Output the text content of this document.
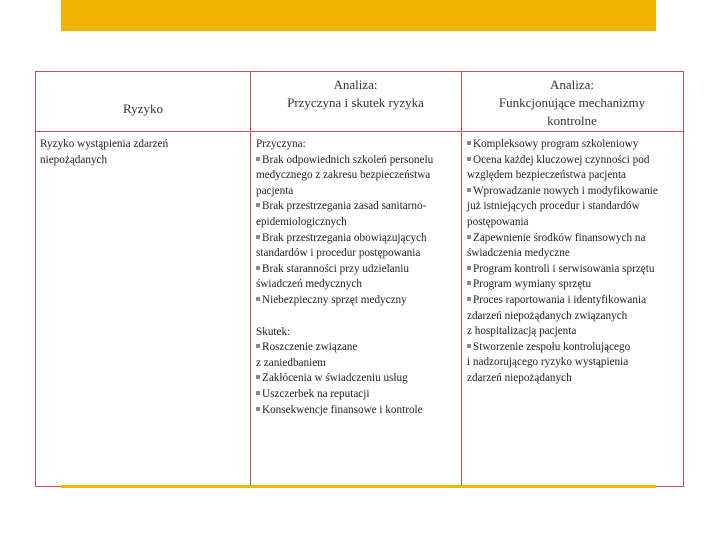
Ryzyko
Analiza:
Przyczyna i skutek ryzyka
Analiza:
Funkcjonujące mechanizmy
kontrolne
Ryzyko wystąpienia zdarzeń
niepożądanych
Przyczyna:
Brak odpowiednich szkoleń personelu
medycznego z zakresu bezpieczeństwa
pacjenta
Brak przestrzegania zasad sanitarno-
epidemiologicznych
Brak przestrzegania obowiązujących
standardów i procedur postępowania
Brak staranności przy udzielaniu
świadczeń medycznych
Niebezpieczny sprzęt medyczny
Skutek:
Roszczenie związane
z zaniedbaniem
Zakłócenia w świadczeniu usług
Uszczerbek na reputacji
Konsekwencje finansowe i kontrole
Kompleksowy program szkoleniowy
Ocena każdej kluczowej czynności pod
względem bezpieczeństwa pacjenta
Wprowadzanie nowych i modyfikowanie
już istniejących procedur i standardów
postępowania
Zapewnienie środków finansowych na
świadczenia medyczne
Program kontroli i serwisowania sprzętu
Program wymiany sprzętu
Proces raportowania i identyfikowania
zdarzeń niepożądanych związanych
z hospitalizacją pacjenta
Stworzenie zespołu kontrolującego
i nadzorującego ryzyko wystąpienia
zdarzeń niepożądanych
